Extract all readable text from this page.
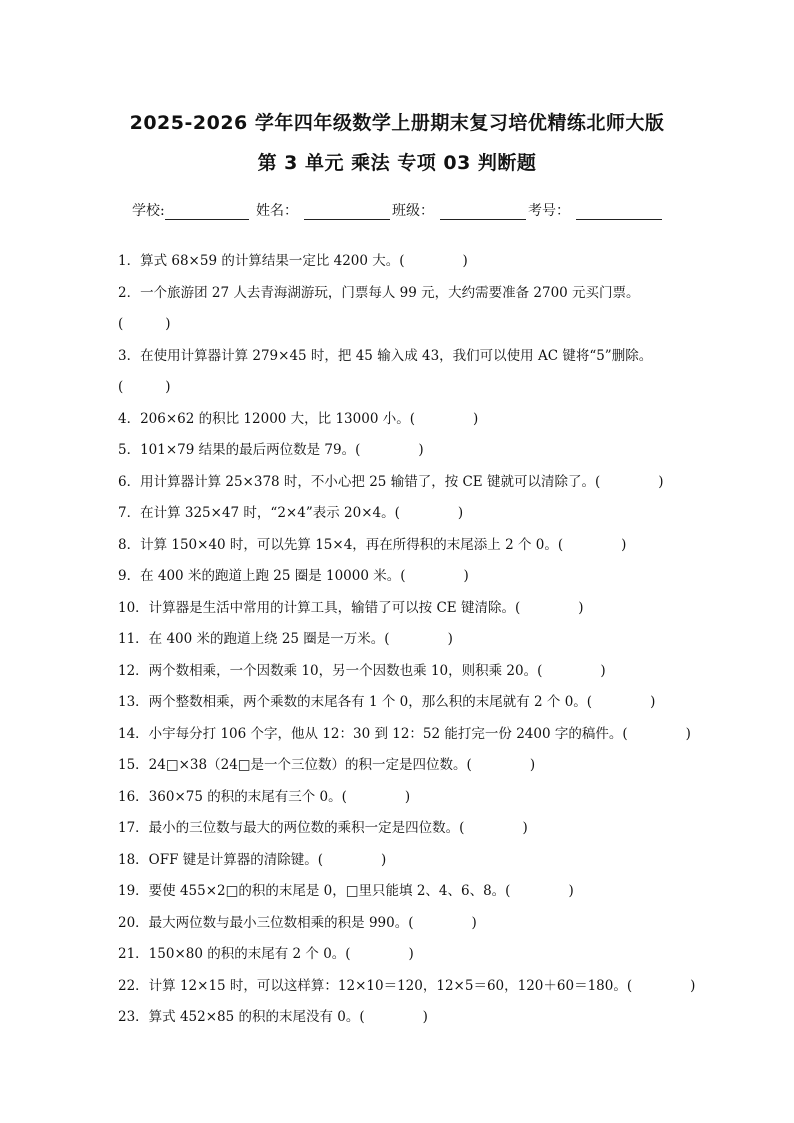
2025-2026 学年四年级数学上册期末复习培优精练北师大版
第 3 单元 乘法 专项 03 判断题
学校:	姓名：	班级：	考号：
1．算式 68×59 的计算结果一定比 4200 大。(	)
2．一个旅游团 27 人去青海湖游玩，门票每人 99 元，大约需要准备 2700 元买门票。
(	)
3．在使用计算器计算 279×45 时，把 45 输入成 43，我们可以使用 AC 键将“5”删除。
(	)
4．206×62 的积比 12000 大，比 13000 小。(	)
5．101×79 结果的最后两位数是 79。(	)
6．用计算器计算 25×378 时，不小心把 25 输错了，按 CE 键就可以清除了。(	)
7．在计算 325×47 时，“2×4”表示 20×4。(	)
8．计算 150×40 时，可以先算 15×4，再在所得积的末尾添上 2 个 0。(	)
9．在 400 米的跑道上跑 25 圈是 10000 米。(	)
10．计算器是生活中常用的计算工具，输错了可以按 CE 键清除。(	)
11．在 400 米的跑道上绕 25 圈是一万米。(	)
12．两个数相乘，一个因数乘 10，另一个因数也乘 10，则积乘 20。(	)
13．两个整数相乘，两个乘数的末尾各有 1 个 0，那么积的末尾就有 2 个 0。(	)
14．小宇每分打 106 个字，他从 12：30 到 12：52 能打完一份 2400 字的稿件。(	)
15．24□×38（24□是一个三位数）的积一定是四位数。(	)
16．360×75 的积的末尾有三个 0。(	)
17．最小的三位数与最大的两位数的乘积一定是四位数。(	)
18．OFF 键是计算器的清除键。(	)
19．要使 455×2□的积的末尾是 0，□里只能填 2、4、6、8。(	)
20．最大两位数与最小三位数相乘的积是 990。(	)
21．150×80 的积的末尾有 2 个 0。(	)
22．计算 12×15 时，可以这样算：12×10＝120，12×5＝60，120＋60＝180。(	)
23．算式 452×85 的积的末尾没有 0。(	)
